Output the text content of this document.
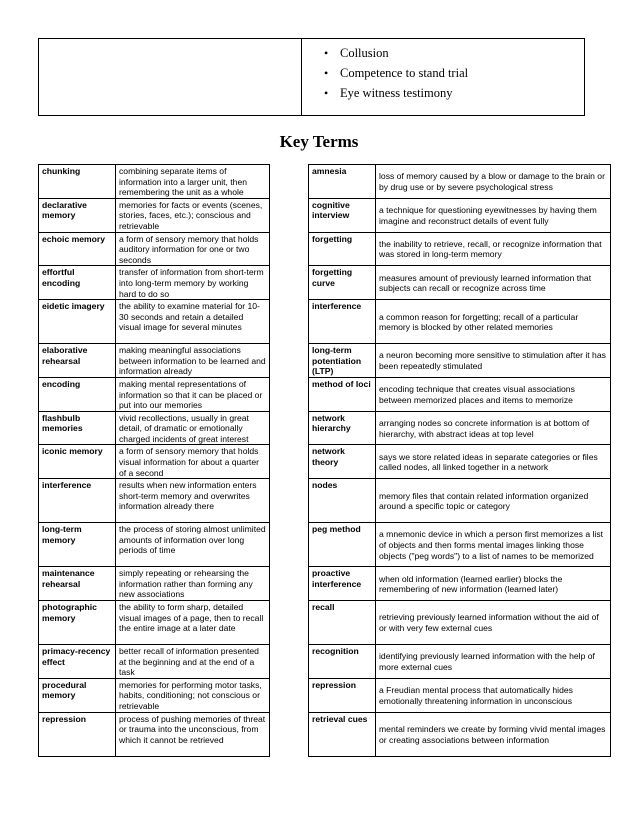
• Collusion
• Competence to stand trial
• Eye witness testimony
Key Terms
chunking	combining separate items of information into a larger unit, then remembering the unit as a whole		amnesia	loss of memory caused by a blow or damage to the brain or by drug use or by severe psychological stress
declarative memory	memories for facts or events (scenes, stories, faces, etc.); conscious and retrievable		cognitive interview	a technique for questioning eyewitnesses by having them imagine and reconstruct details of event fully
echoic memory	a form of sensory memory that holds auditory information for one or two seconds		forgetting	the inability to retrieve, recall, or recognize information that was stored in long-term memory
effortful encoding	transfer of information from short-term into long-term memory by working hard to do so		forgetting curve	measures amount of previously learned information that subjects can recall or recognize across time
eidetic imagery	the ability to examine material for 10-30 seconds and retain a detailed visual image for several minutes		interference	a common reason for forgetting; recall of a particular memory is blocked by other related memories
elaborative rehearsal	making meaningful associations between information to be learned and information already		long-term potentiation (LTP)	a neuron becoming more sensitive to stimulation after it has been repeatedly stimulated
encoding	making mental representations of information so that it can be placed or put into our memories		method of loci	encoding technique that creates visual associations between memorized places and items to memorize
flashbulb memories	vivid recollections, usually in great detail, of dramatic or emotionally charged incidents of great interest		network hierarchy	arranging nodes so concrete information is at bottom of hierarchy, with abstract ideas at top level
iconic memory	a form of sensory memory that holds visual information for about a quarter of a second		network theory	says we store related ideas in separate categories or files called nodes, all linked together in a network
interference	results when new information enters short-term memory and overwrites information already there		nodes	memory files that contain related information organized around a specific topic or category
long-term memory	the process of storing almost unlimited amounts of information over long periods of time		peg method	a mnemonic device in which a person first memorizes a list of objects and then forms mental images linking those objects ("peg words") to a list of names to be memorized
maintenance rehearsal	simply repeating or rehearsing the information rather than forming any new associations		proactive interference	when old information (learned earlier) blocks the remembering of new information (learned later)
photographic memory	the ability to form sharp, detailed visual images of a page, then to recall the entire image at a later date		recall	retrieving previously learned information without the aid of or with very few external cues
primacy-recency effect	better recall of information presented at the beginning and at the end of a task		recognition	identifying previously learned information with the help of more external cues
procedural memory	memories for performing motor tasks, habits, conditioning; not conscious or retrievable		repression	a Freudian mental process that automatically hides emotionally threatening information in unconscious
repression	process of pushing memories of threat or trauma into the unconscious, from which it cannot be retrieved		retrieval cues	mental reminders we create by forming vivid mental images or creating associations between information
